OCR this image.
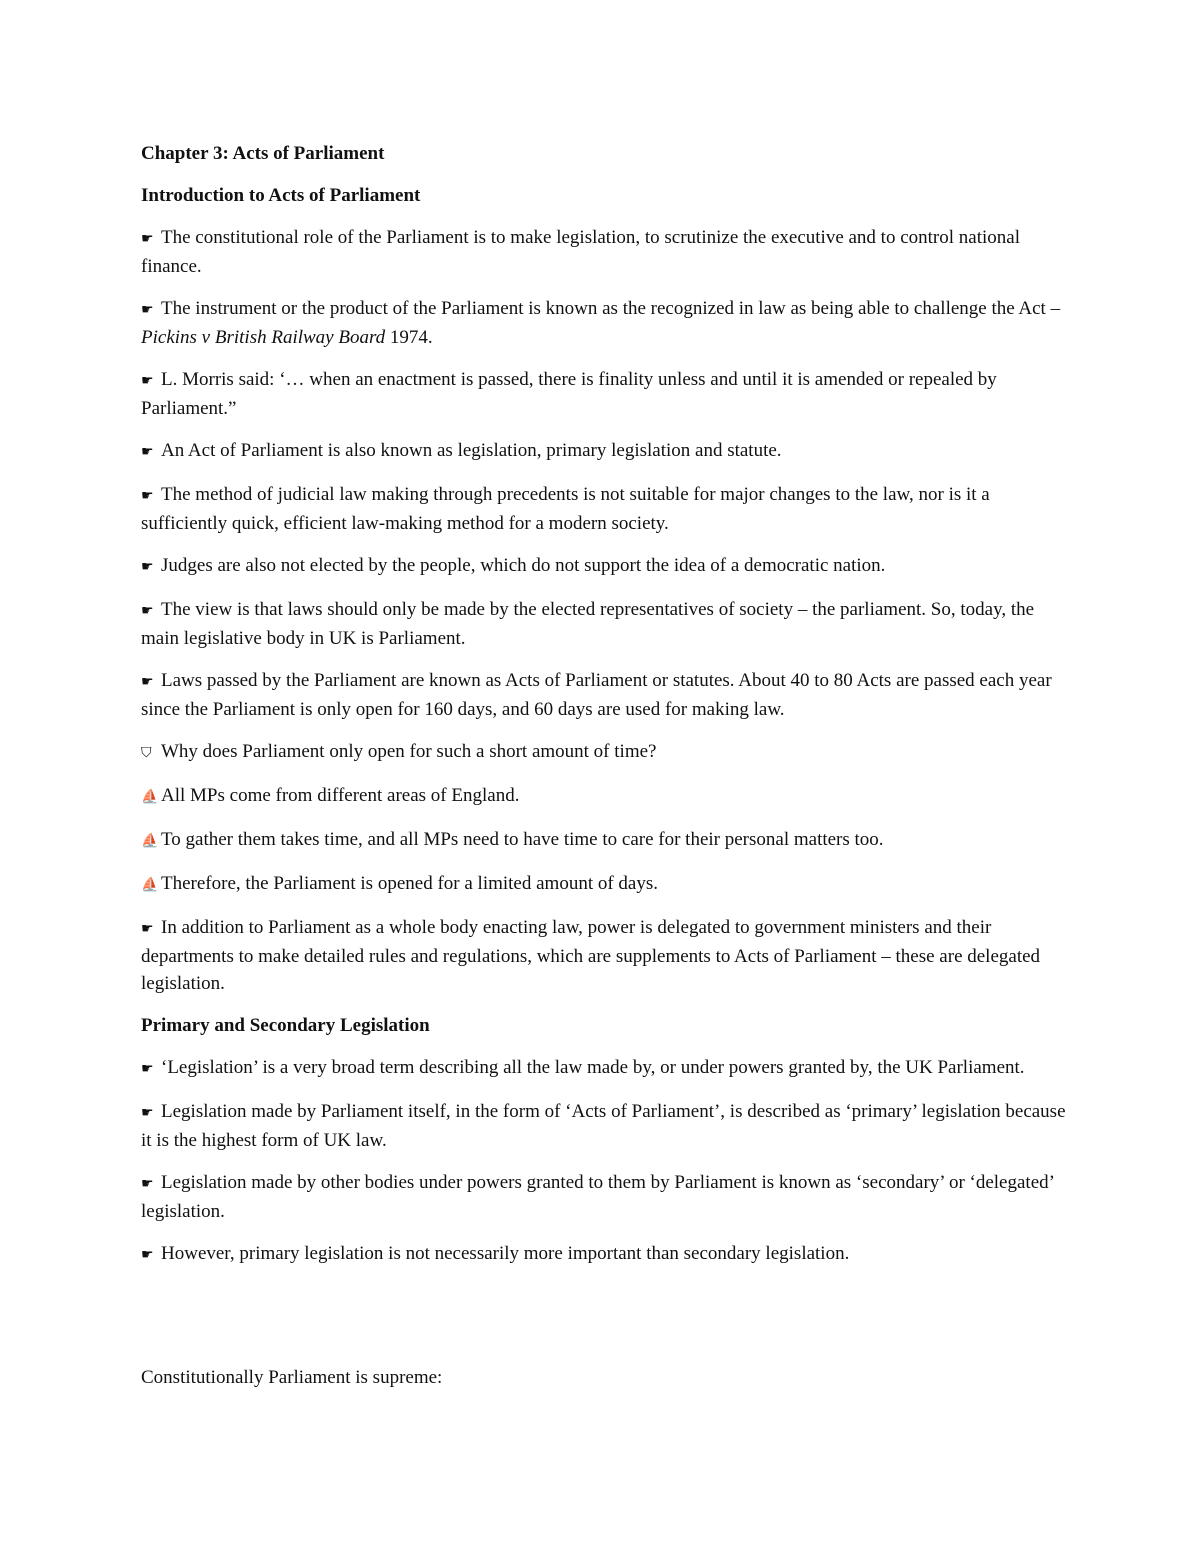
Chapter 3: Acts of Parliament
Introduction to Acts of Parliament
☛ The constitutional role of the Parliament is to make legislation, to scrutinize the executive and to control national finance.
☛ The instrument or the product of the Parliament is known as the recognized in law as being able to challenge the Act – Pickins v British Railway Board 1974.
☛ L. Morris said: ‘… when an enactment is passed, there is finality unless and until it is amended or repealed by Parliament.”
☛ An Act of Parliament is also known as legislation, primary legislation and statute.
☛ The method of judicial law making through precedents is not suitable for major changes to the law, nor is it a sufficiently quick, efficient law-making method for a modern society.
☛ Judges are also not elected by the people, which do not support the idea of a democratic nation.
☛ The view is that laws should only be made by the elected representatives of society – the parliament. So, today, the main legislative body in UK is Parliament.
☛ Laws passed by the Parliament are known as Acts of Parliament or statutes. About 40 to 80 Acts are passed each year since the Parliament is only open for 160 days, and 60 days are used for making law.
⛉ Why does Parliament only open for such a short amount of time?
⛵ All MPs come from different areas of England.
⛵ To gather them takes time, and all MPs need to have time to care for their personal matters too.
⛵ Therefore, the Parliament is opened for a limited amount of days.
☛ In addition to Parliament as a whole body enacting law, power is delegated to government ministers and their departments to make detailed rules and regulations, which are supplements to Acts of Parliament – these are delegated legislation.
Primary and Secondary Legislation
☛ ‘Legislation’ is a very broad term describing all the law made by, or under powers granted by, the UK Parliament.
☛ Legislation made by Parliament itself, in the form of ‘Acts of Parliament’, is described as ‘primary’ legislation because it is the highest form of UK law.
☛ Legislation made by other bodies under powers granted to them by Parliament is known as ‘secondary’ or ‘delegated’ legislation.
☛ However, primary legislation is not necessarily more important than secondary legislation.
Constitutionally Parliament is supreme:
